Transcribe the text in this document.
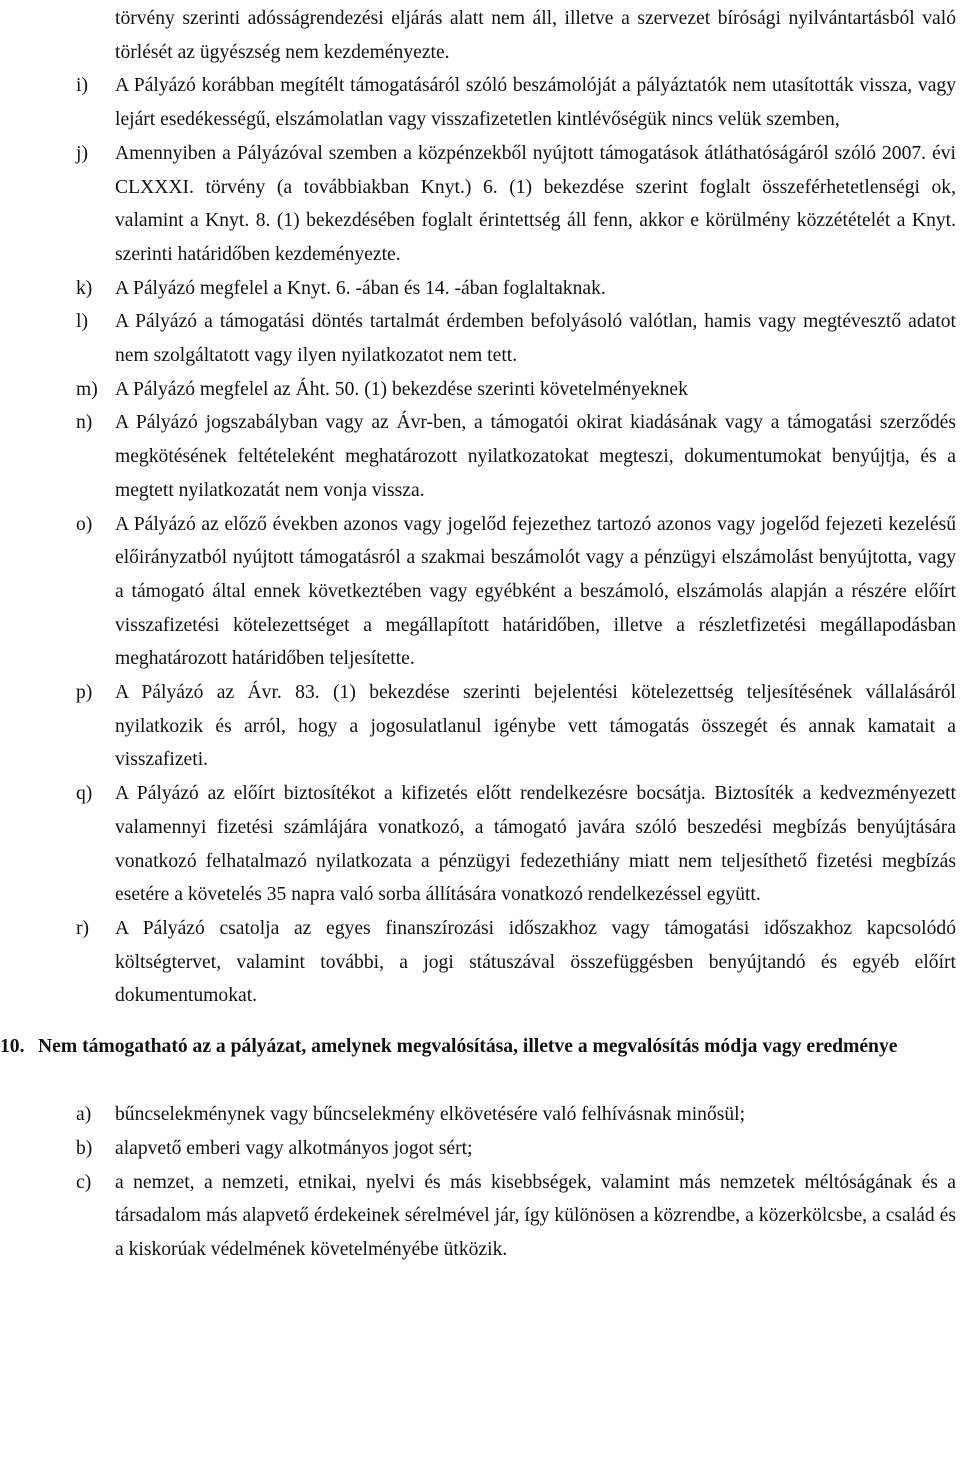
törvény szerinti adósságrendezési eljárás alatt nem áll, illetve a szervezet bírósági nyilvántartásból való törlését az ügyészség nem kezdeményezte.
i) A Pályázó korábban megítélt támogatásáról szóló beszámolóját a pályáztatók nem utasították vissza, vagy lejárt esedékességű, elszámolatlan vagy visszafizetetlen kintlévőségük nincs velük szemben,
j) Amennyiben a Pályázóval szemben a közpénzekből nyújtott támogatások átláthatóságáról szóló 2007. évi CLXXXI. törvény (a továbbiakban Knyt.) 6. (1) bekezdése szerint foglalt összeférhetetlenségi ok, valamint a Knyt. 8. (1) bekezdésében foglalt érintettség áll fenn, akkor e körülmény közzétételét a Knyt. szerinti határidőben kezdeményezte.
k) A Pályázó megfelel a Knyt. 6. -ában és 14. -ában foglaltaknak.
l) A Pályázó a támogatási döntés tartalmát érdemben befolyásoló valótlan, hamis vagy megtévesztő adatot nem szolgáltatott vagy ilyen nyilatkozatot nem tett.
m) A Pályázó megfelel az Áht. 50. (1) bekezdése szerinti követelményeknek
n) A Pályázó jogszabályban vagy az Ávr-ben, a támogatói okirat kiadásának vagy a támogatási szerződés megkötésének feltételeként meghatározott nyilatkozatokat megteszi, dokumentumokat benyújtja, és a megtett nyilatkozatát nem vonja vissza.
o) A Pályázó az előző években azonos vagy jogelőd fejezethez tartozó azonos vagy jogelőd fejezeti kezelésű előirányzatból nyújtott támogatásról a szakmai beszámolót vagy a pénzügyi elszámolást benyújtotta, vagy a támogató által ennek következtében vagy egyébként a beszámoló, elszámolás alapján a részére előírt visszafizetési kötelezettséget a megállapított határidőben, illetve a részletfizetési megállapodásban meghatározott határidőben teljesítette.
p) A Pályázó az Ávr. 83. (1) bekezdése szerinti bejelentési kötelezettség teljesítésének vállalásáról nyilatkozik és arról, hogy a jogosulatlanul igénybe vett támogatás összegét és annak kamatait a visszafizeti.
q) A Pályázó az előírt biztosítékot a kifizetés előtt rendelkezésre bocsátja. Biztosíték a kedvezményezett valamennyi fizetési számlájára vonatkozó, a támogató javára szóló beszedési megbízás benyújtására vonatkozó felhatalmazó nyilatkozata a pénzügyi fedezethiány miatt nem teljesíthető fizetési megbízás esetére a követelés 35 napra való sorba állítására vonatkozó rendelkezéssel együtt.
r) A Pályázó csatolja az egyes finanszírozási időszakhoz vagy támogatási időszakhoz kapcsolódó költségtervet, valamint további, a jogi státuszával összefüggésben benyújtandó és egyéb előírt dokumentumokat.
10. Nem támogatható az a pályázat, amelynek megvalósítása, illetve a megvalósítás módja vagy eredménye
a) bűncselekménynek vagy bűncselekmény elkövetésére való felhívásnak minősül;
b) alapvető emberi vagy alkotmányos jogot sért;
c) a nemzet, a nemzeti, etnikai, nyelvi és más kisebbségek, valamint más nemzetek méltóságának és a társadalom más alapvető érdekeinek sérelmével jár, így különösen a közrendbe, a közerkölcsbe, a család és a kiskorúak védelmének követelményébe ütközik.
